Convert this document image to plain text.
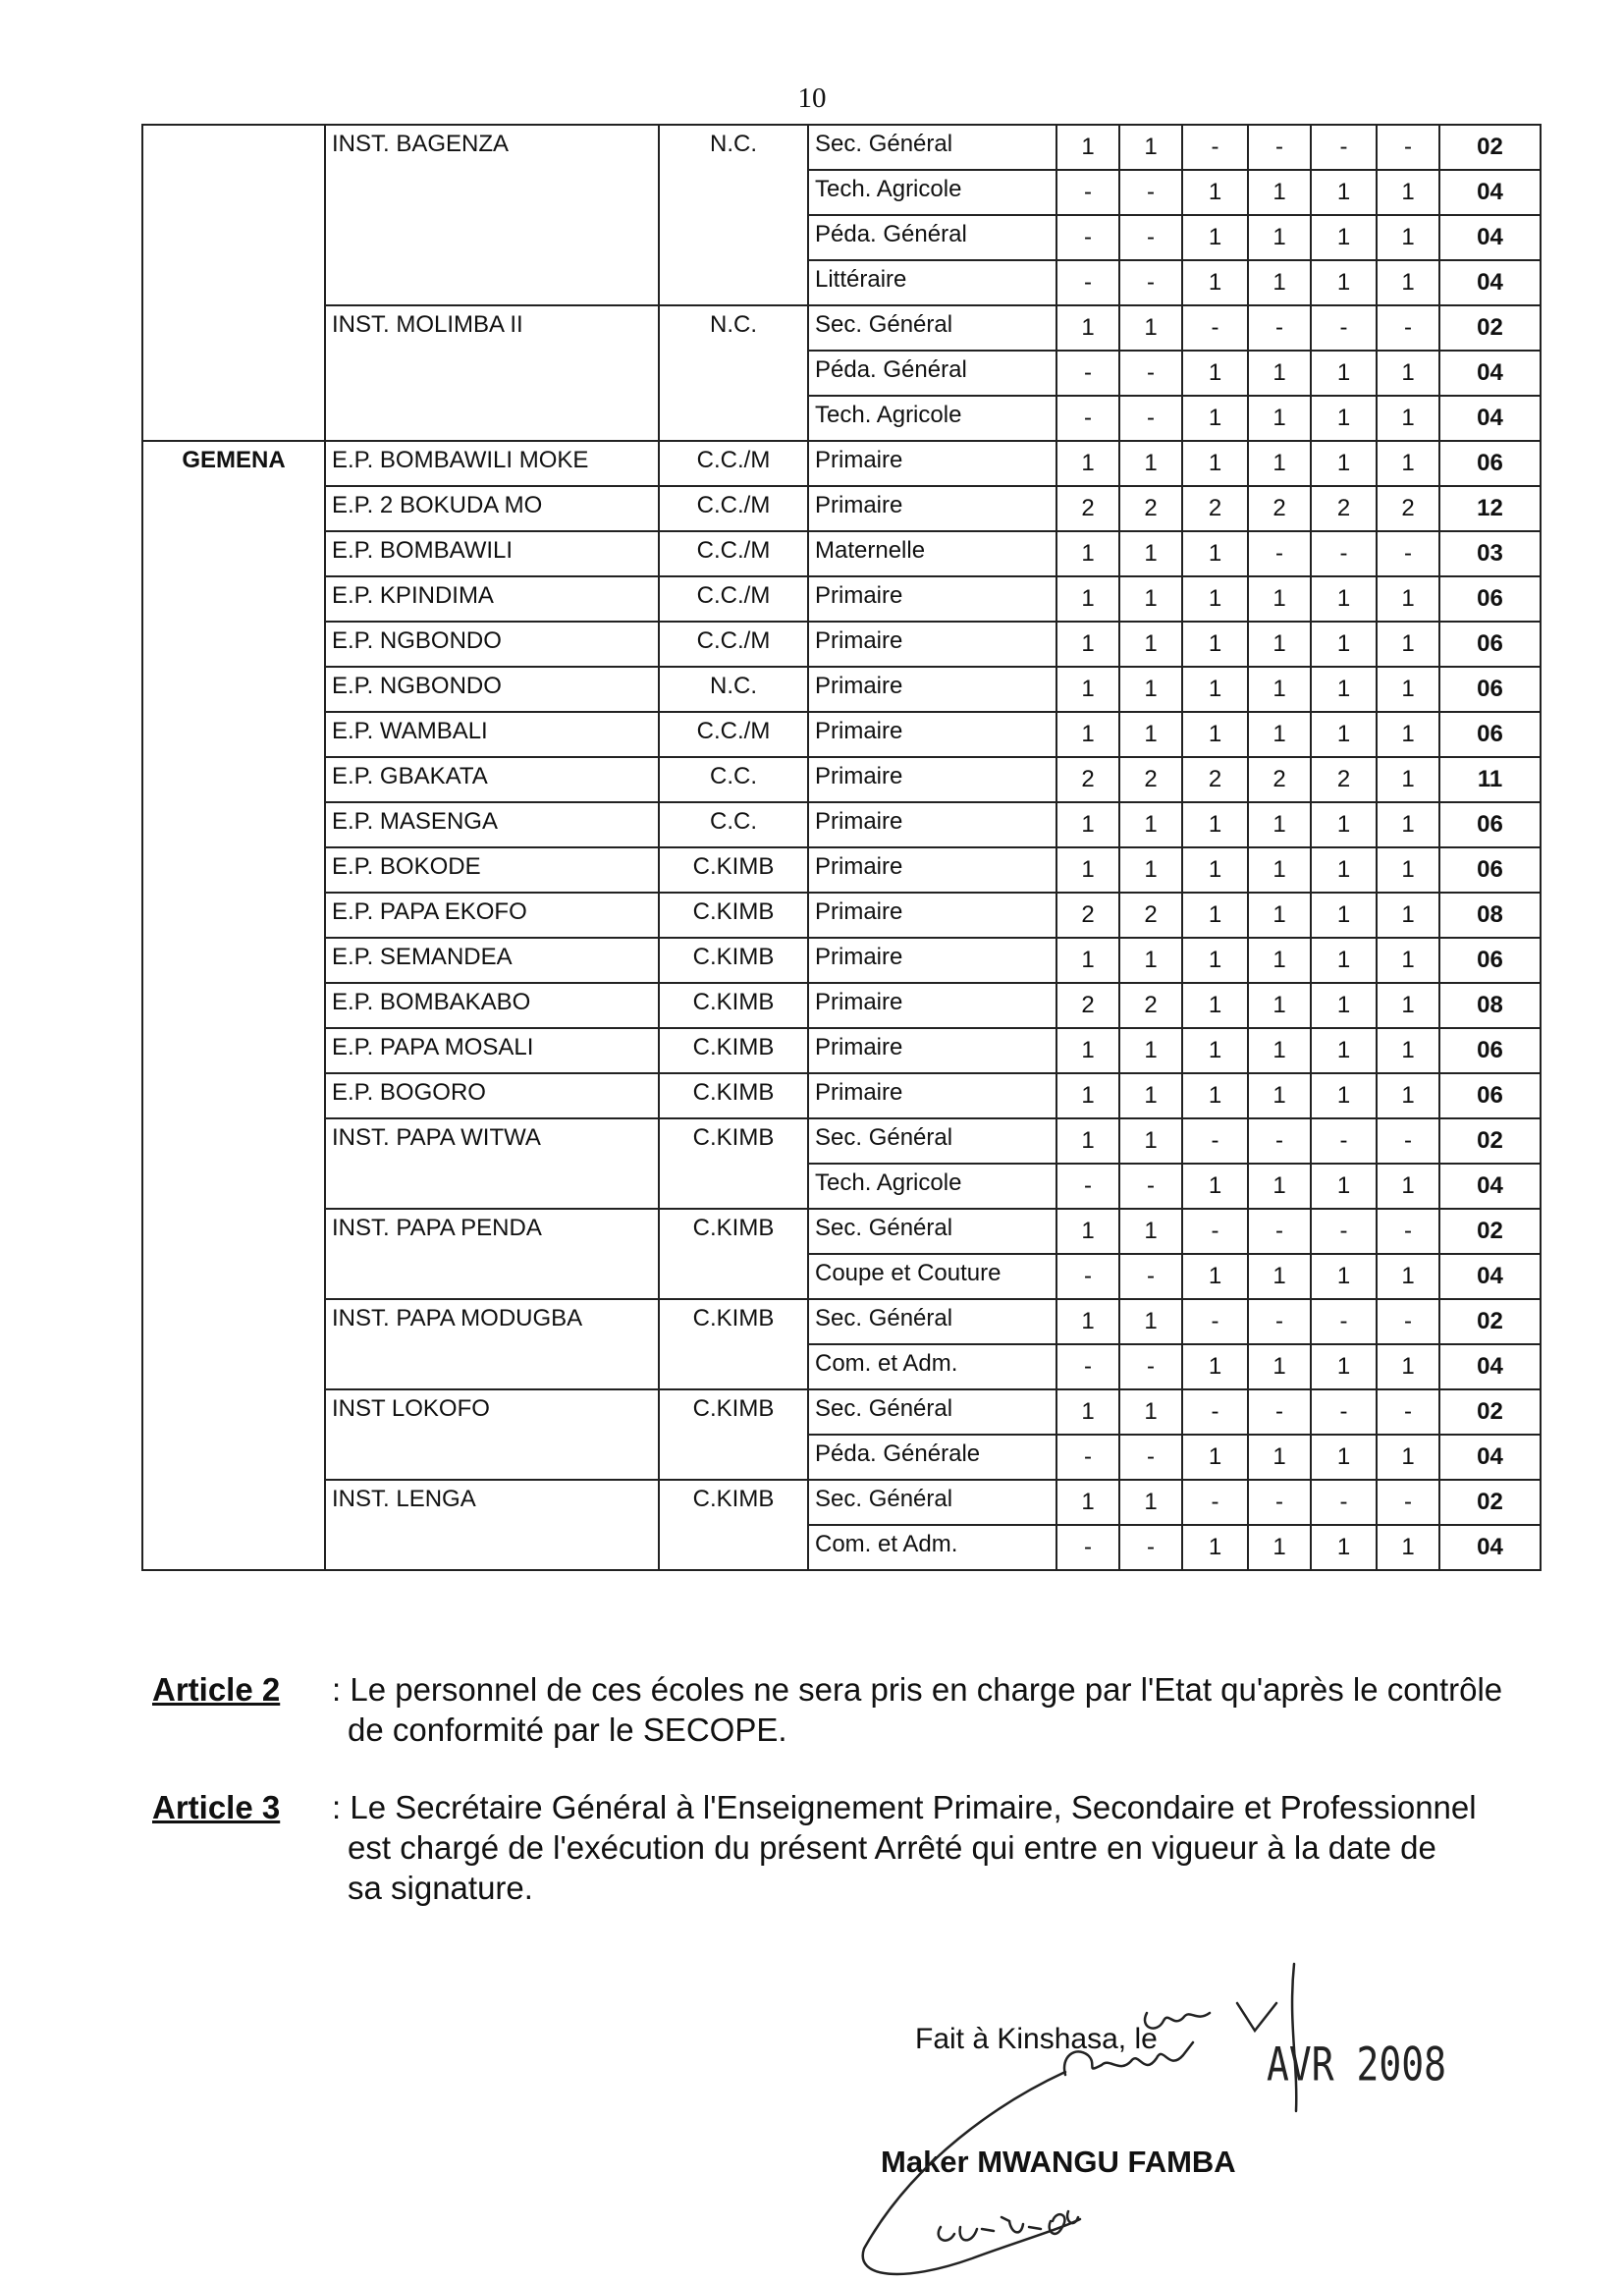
10
	INST. BAGENZA	N.C.	Sec. Général	1	1	-	-	-	-	02
			Tech. Agricole	-	-	1	1	1	1	04
			Péda. Général	-	-	1	1	1	1	04
			Littéraire	-	-	1	1	1	1	04
	INST. MOLIMBA II	N.C.	Sec. Général	1	1	-	-	-	-	02
			Péda. Général	-	-	1	1	1	1	04
			Tech. Agricole	-	-	1	1	1	1	04
GEMENA	E.P. BOMBAWILI MOKE	C.C./M	Primaire	1	1	1	1	1	1	06
	E.P. 2 BOKUDA MO	C.C./M	Primaire	2	2	2	2	2	2	12
	E.P. BOMBAWILI	C.C./M	Maternelle	1	1	1	-	-	-	03
	E.P. KPINDIMA	C.C./M	Primaire	1	1	1	1	1	1	06
	E.P. NGBONDO	C.C./M	Primaire	1	1	1	1	1	1	06
	E.P. NGBONDO	N.C.	Primaire	1	1	1	1	1	1	06
	E.P. WAMBALI	C.C./M	Primaire	1	1	1	1	1	1	06
	E.P. GBAKATA	C.C.	Primaire	2	2	2	2	2	1	11
	E.P. MASENGA	C.C.	Primaire	1	1	1	1	1	1	06
	E.P. BOKODE	C.KIMB	Primaire	1	1	1	1	1	1	06
	E.P. PAPA EKOFO	C.KIMB	Primaire	2	2	1	1	1	1	08
	E.P. SEMANDEA	C.KIMB	Primaire	1	1	1	1	1	1	06
	E.P. BOMBAKABO	C.KIMB	Primaire	2	2	1	1	1	1	08
	E.P. PAPA MOSALI	C.KIMB	Primaire	1	1	1	1	1	1	06
	E.P. BOGORO	C.KIMB	Primaire	1	1	1	1	1	1	06
	INST. PAPA WITWA	C.KIMB	Sec. Général	1	1	-	-	-	-	02
			Tech. Agricole	-	-	1	1	1	1	04
	INST. PAPA PENDA	C.KIMB	Sec. Général	1	1	-	-	-	-	02
			Coupe et Couture	-	-	1	1	1	1	04
	INST. PAPA MODUGBA	C.KIMB	Sec. Général	1	1	-	-	-	-	02
			Com. et Adm.	-	-	1	1	1	1	04
	INST LOKOFO	C.KIMB	Sec. Général	1	1	-	-	-	-	02
			Péda. Générale	-	-	1	1	1	1	04
	INST. LENGA	C.KIMB	Sec. Général	1	1	-	-	-	-	02
			Com. et Adm.	-	-	1	1	1	1	04
Article 2 : Le personnel de ces écoles ne sera pris en charge par l'Etat qu'après le contrôle
de conformité par le SECOPE.
Article 3 : Le Secrétaire Général à l'Enseignement Primaire, Secondaire et Professionnel
est chargé de l'exécution du présent Arrêté qui entre en vigueur à la date de
sa signature.
Fait à Kinshasa, le	AVR 2008
Maker MWANGU FAMBA
